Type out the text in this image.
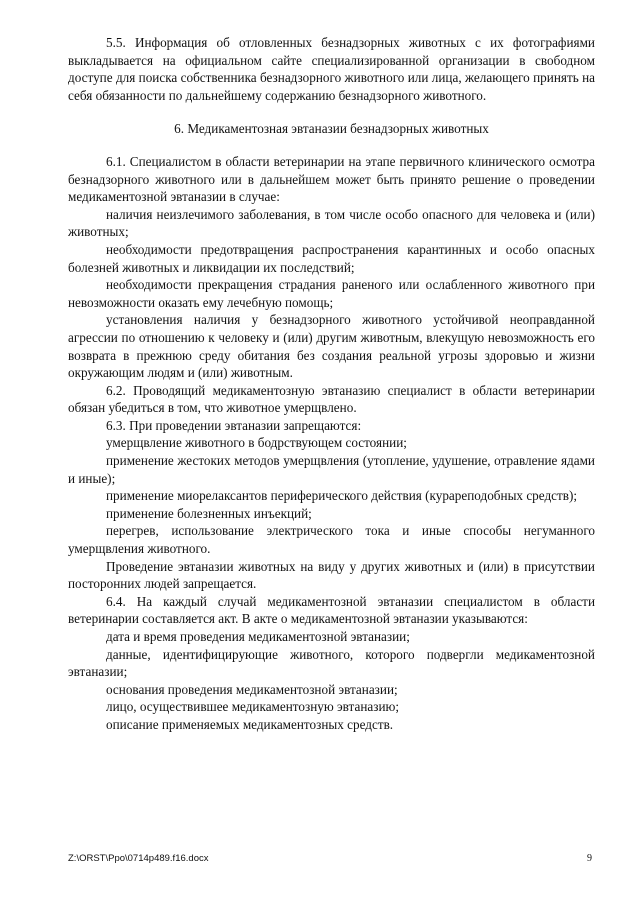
5.5. Информация об отловленных безнадзорных животных с их фотографиями выкладывается на официальном сайте специализированной организации в свободном доступе для поиска собственника безнадзорного животного или лица, желающего принять на себя обязанности по дальнейшему содержанию безнадзорного животного.

6. Медикаментозная эвтаназии безнадзорных животных

6.1. Специалистом в области ветеринарии на этапе первичного клинического осмотра безнадзорного животного или в дальнейшем может быть принято решение о проведении медикаментозной эвтаназии в случае:

наличия неизлечимого заболевания, в том числе особо опасного для человека и (или) животных;

необходимости предотвращения распространения карантинных и особо опасных болезней животных и ликвидации их последствий;

необходимости прекращения страдания раненого или ослабленного животного при невозможности оказать ему лечебную помощь;

установления наличия у безнадзорного животного устойчивой неоправданной агрессии по отношению к человеку и (или) другим животным, влекущую невозможность его возврата в прежнюю среду обитания без создания реальной угрозы здоровью и жизни окружающим людям и (или) животным.

6.2. Проводящий медикаментозную эвтаназию специалист в области ветеринарии обязан убедиться в том, что животное умерщвлено.

6.3. При проведении эвтаназии запрещаются:

умерщвление животного в бодрствующем состоянии;

применение жестоких методов умерщвления (утопление, удушение, отравление ядами и иные);

применение миорелаксантов периферического действия (курареподобных средств);

применение болезненных инъекций;

перегрев, использование электрического тока и иные способы негуманного умерщвления животного.

Проведение эвтаназии животных на виду у других животных и (или) в присутствии посторонних людей запрещается.

6.4. На каждый случай медикаментозной эвтаназии специалистом в области ветеринарии составляется акт. В акте о медикаментозной эвтаназии указываются:

дата и время проведения медикаментозной эвтаназии;

данные, идентифицирующие животного, которого подвергли медикаментозной эвтаназии;

основания проведения медикаментозной эвтаназии;

лицо, осуществившее медикаментозную эвтаназию;

описание применяемых медикаментозных средств.

Z:\ORST\Ppo\0714p489.f16.docx	9
